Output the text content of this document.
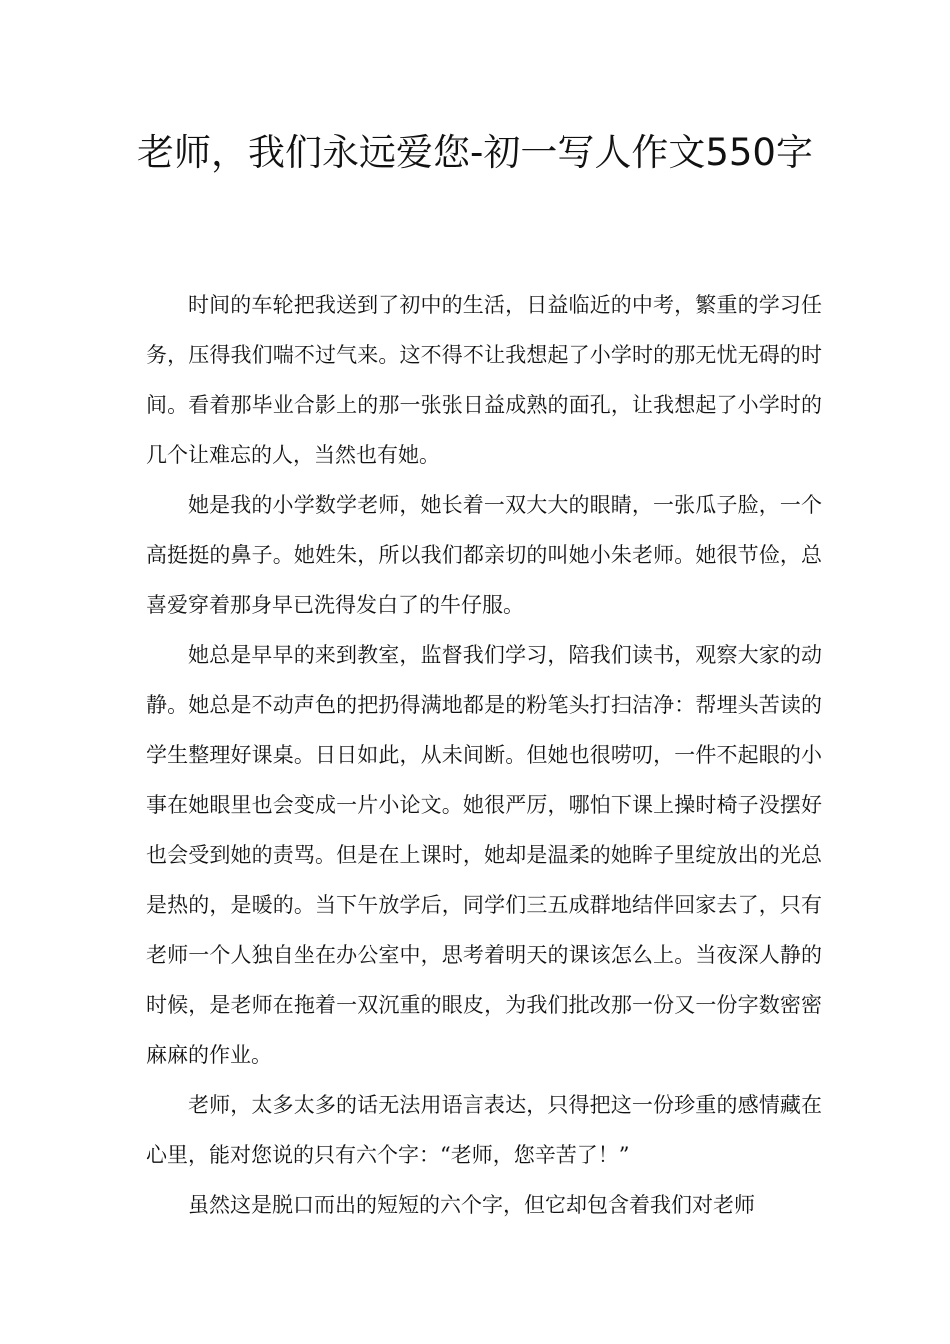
老师，我们永远爱您-初一写人作文550字

时间的车轮把我送到了初中的生活，日益临近的中考，繁重的学习任务，压得我们喘不过气来。这不得不让我想起了小学时的那无忧无碍的时间。看着那毕业合影上的那一张张日益成熟的面孔，让我想起了小学时的几个让难忘的人，当然也有她。

她是我的小学数学老师，她长着一双大大的眼睛，一张瓜子脸，一个高挺挺的鼻子。她姓朱，所以我们都亲切的叫她小朱老师。她很节俭，总喜爱穿着那身早已洗得发白了的牛仔服。

她总是早早的来到教室，监督我们学习，陪我们读书，观察大家的动静。她总是不动声色的把扔得满地都是的粉笔头打扫洁净：帮埋头苦读的学生整理好课桌。日日如此，从未间断。但她也很唠叨，一件不起眼的小事在她眼里也会变成一片小论文。她很严厉，哪怕下课上操时椅子没摆好也会受到她的责骂。但是在上课时，她却是温柔的她眸子里绽放出的光总是热的，是暖的。当下午放学后，同学们三五成群地结伴回家去了，只有老师一个人独自坐在办公室中，思考着明天的课该怎么上。当夜深人静的时候，是老师在拖着一双沉重的眼皮，为我们批改那一份又一份字数密密麻麻的作业。

老师，太多太多的话无法用语言表达，只得把这一份珍重的感情藏在心里，能对您说的只有六个字：“老师，您辛苦了！”

虽然这是脱口而出的短短的六个字，但它却包含着我们对老师
